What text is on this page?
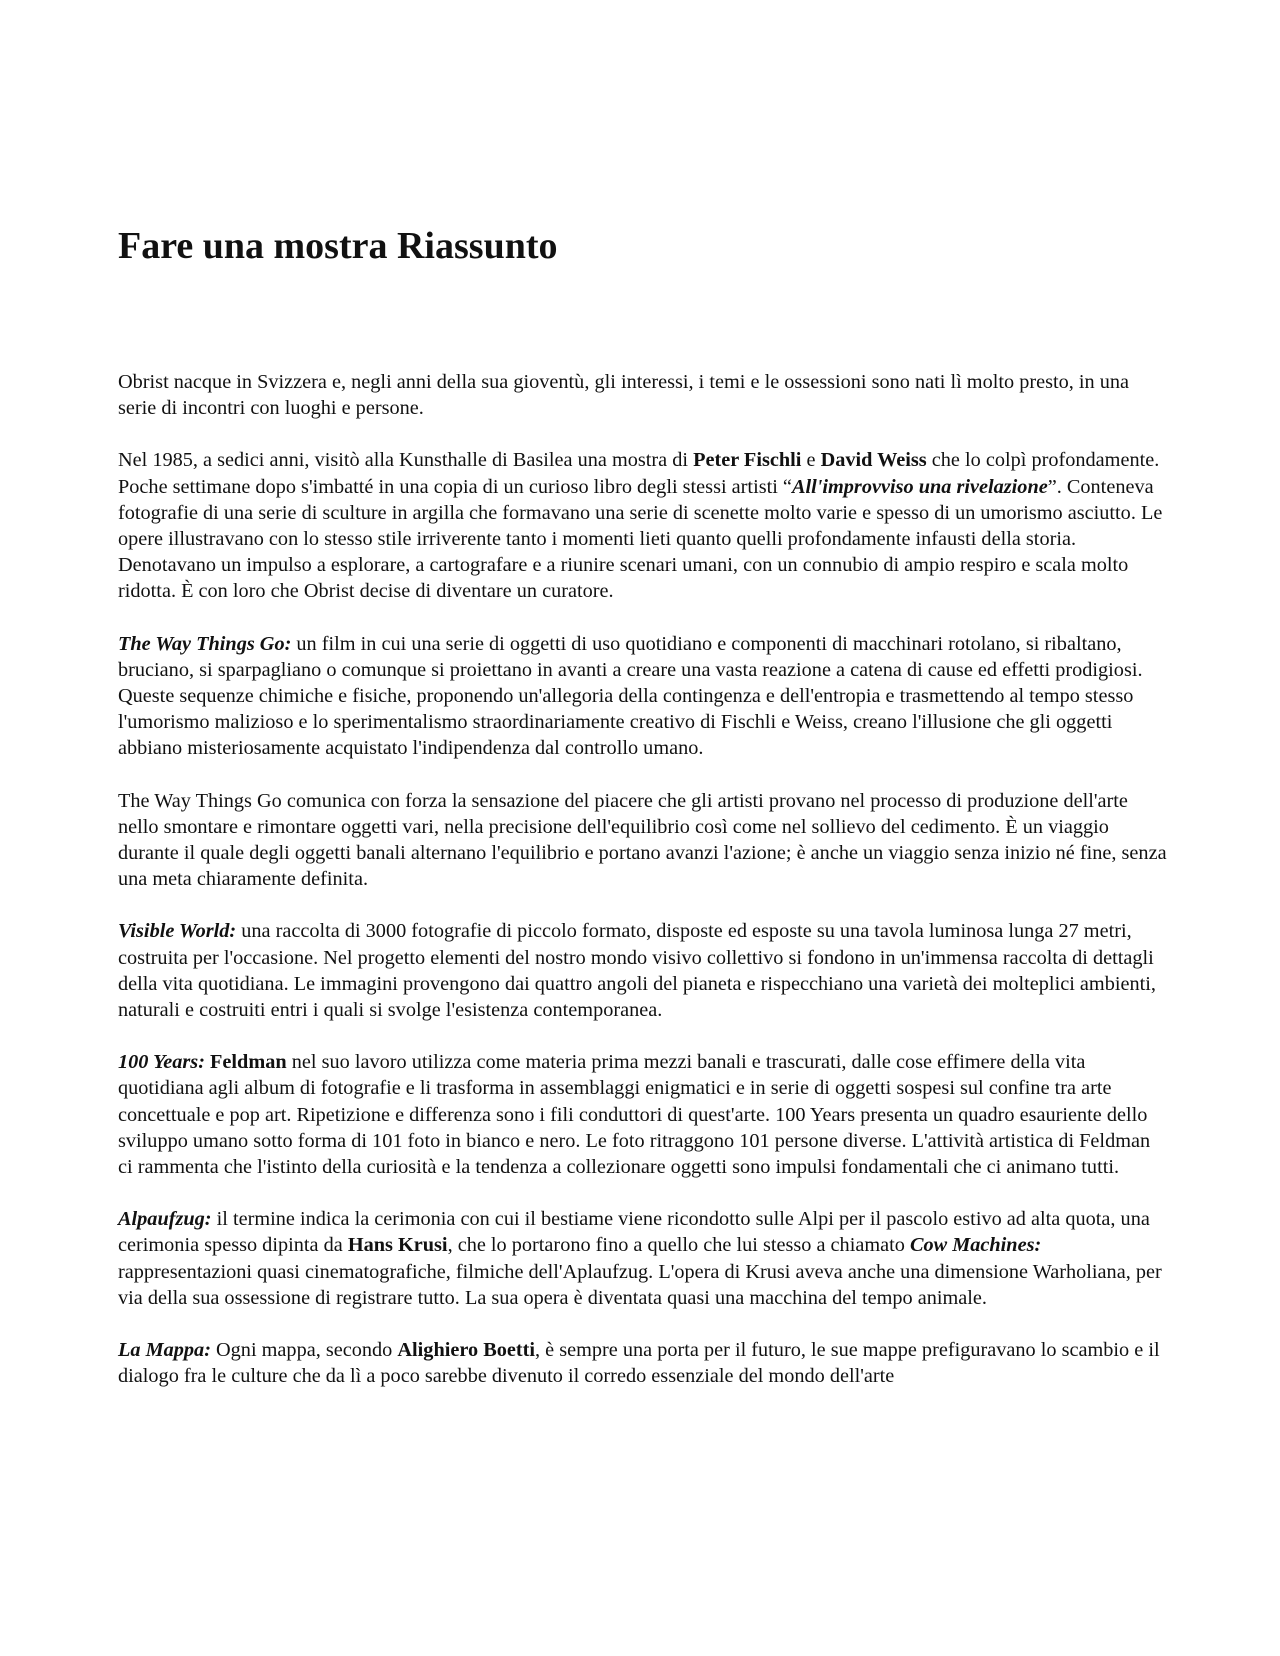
Fare una mostra Riassunto

Obrist nacque in Svizzera e, negli anni della sua gioventù, gli interessi, i temi e le ossessioni sono nati lì molto presto, in una serie di incontri con luoghi e persone.

Nel 1985, a sedici anni, visitò alla Kunsthalle di Basilea una mostra di Peter Fischli e David Weiss che lo colpì profondamente. Poche settimane dopo s'imbatté in una copia di un curioso libro degli stessi artisti “All'improvviso una rivelazione”. Conteneva fotografie di una serie di sculture in argilla che formavano una serie di scenette molto varie e spesso di un umorismo asciutto. Le opere illustravano con lo stesso stile irriverente tanto i momenti lieti quanto quelli profondamente infausti della storia. Denotavano un impulso a esplorare, a cartografare e a riunire scenari umani, con un connubio di ampio respiro e scala molto ridotta. È con loro che Obrist decise di diventare un curatore.

The Way Things Go: un film in cui una serie di oggetti di uso quotidiano e componenti di macchinari rotolano, si ribaltano, bruciano, si sparpagliano o comunque si proiettano in avanti a creare una vasta reazione a catena di cause ed effetti prodigiosi. Queste sequenze chimiche e fisiche, proponendo un'allegoria della contingenza e dell'entropia e trasmettendo al tempo stesso l'umorismo malizioso e lo sperimentalismo straordinariamente creativo di Fischli e Weiss, creano l'illusione che gli oggetti abbiano misteriosamente acquistato l'indipendenza dal controllo umano.

The Way Things Go comunica con forza la sensazione del piacere che gli artisti provano nel processo di produzione dell'arte nello smontare e rimontare oggetti vari, nella precisione dell'equilibrio così come nel sollievo del cedimento. È un viaggio durante il quale degli oggetti banali alternano l'equilibrio e portano avanzi l'azione; è anche un viaggio senza inizio né fine, senza una meta chiaramente definita.

Visible World: una raccolta di 3000 fotografie di piccolo formato, disposte ed esposte su una tavola luminosa lunga 27 metri, costruita per l'occasione. Nel progetto elementi del nostro mondo visivo collettivo si fondono in un'immensa raccolta di dettagli della vita quotidiana. Le immagini provengono dai quattro angoli del pianeta e rispecchiano una varietà dei molteplici ambienti, naturali e costruiti entri i quali si svolge l'esistenza contemporanea.

100 Years: Feldman nel suo lavoro utilizza come materia prima mezzi banali e trascurati, dalle cose effimere della vita quotidiana agli album di fotografie e li trasforma in assemblaggi enigmatici e in serie di oggetti sospesi sul confine tra arte concettuale e pop art. Ripetizione e differenza sono i fili conduttori di quest'arte. 100 Years presenta un quadro esauriente dello sviluppo umano sotto forma di 101 foto in bianco e nero. Le foto ritraggono 101 persone diverse. L'attività artistica di Feldman ci rammenta che l'istinto della curiosità e la tendenza a collezionare oggetti sono impulsi fondamentali che ci animano tutti.

Alpaufzug: il termine indica la cerimonia con cui il bestiame viene ricondotto sulle Alpi per il pascolo estivo ad alta quota, una cerimonia spesso dipinta da Hans Krusi, che lo portarono fino a quello che lui stesso a chiamato Cow Machines: rappresentazioni quasi cinematografiche, filmiche dell'Aplaufzug. L'opera di Krusi aveva anche una dimensione Warholiana, per via della sua ossessione di registrare tutto. La sua opera è diventata quasi una macchina del tempo animale.

La Mappa: Ogni mappa, secondo Alighiero Boetti, è sempre una porta per il futuro, le sue mappe prefiguravano lo scambio e il dialogo fra le culture che da lì a poco sarebbe divenuto il corredo essenziale del mondo dell'arte
